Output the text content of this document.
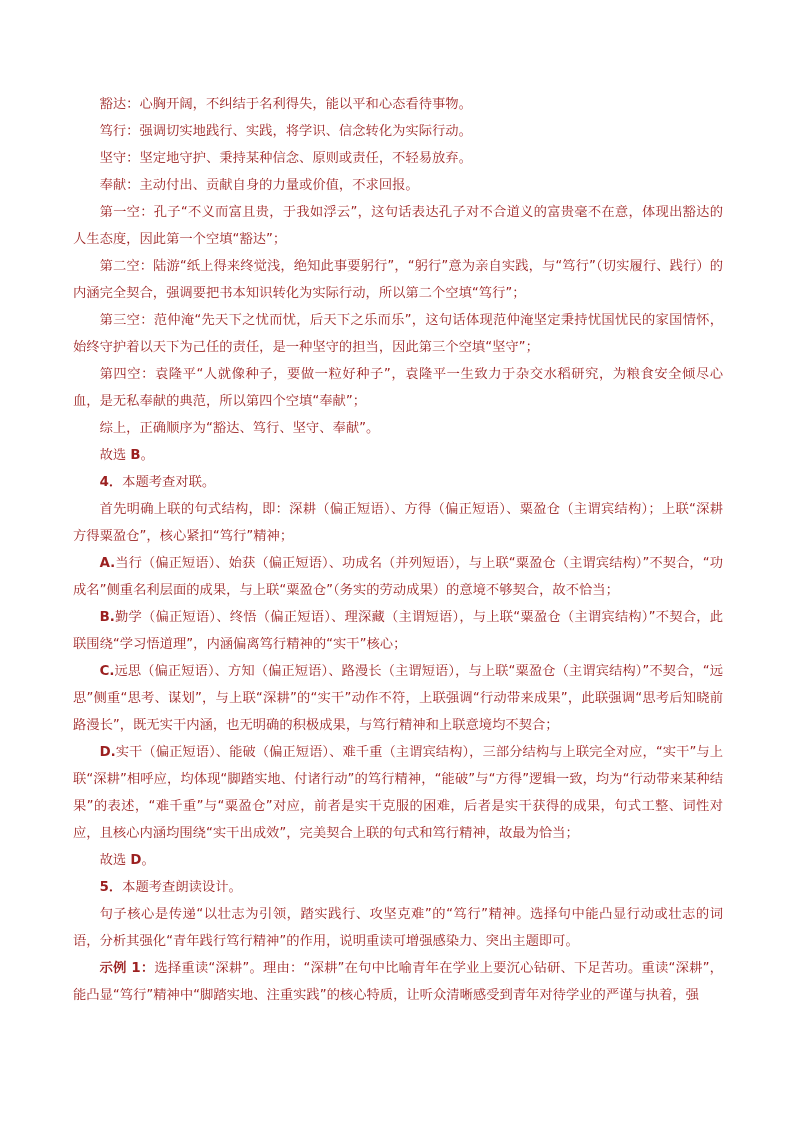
豁达：心胸开阔，不纠结于名利得失，能以平和心态看待事物。

笃行：强调切实地践行、实践，将学识、信念转化为实际行动。

坚守：坚定地守护、秉持某种信念、原则或责任，不轻易放弃。

奉献：主动付出、贡献自身的力量或价值，不求回报。

第一空：孔子“不义而富且贵，于我如浮云”，这句话表达孔子对不合道义的富贵毫不在意，体现出豁达的人生态度，因此第一个空填“豁达”；

第二空：陆游“纸上得来终觉浅，绝知此事要躬行”，“躬行”意为亲自实践，与“笃行”（切实履行、践行）的内涵完全契合，强调要把书本知识转化为实际行动，所以第二个空填“笃行”；

第三空：范仲淹“先天下之忧而忧，后天下之乐而乐”，这句话体现范仲淹坚定秉持忧国忧民的家国情怀，始终守护着以天下为己任的责任，是一种坚守的担当，因此第三个空填“坚守”；

第四空：袁隆平“人就像种子，要做一粒好种子”，袁隆平一生致力于杂交水稻研究，为粮食安全倾尽心血，是无私奉献的典范，所以第四个空填“奉献”；

综上，正确顺序为“豁达、笃行、坚守、奉献”。

故选 B。

4．本题考查对联。

首先明确上联的句式结构，即：深耕（偏正短语）、方得（偏正短语）、粟盈仓（主谓宾结构）；上联“深耕方得粟盈仓”，核心紧扣“笃行”精神；

A.当行（偏正短语）、始获（偏正短语）、功成名（并列短语），与上联“粟盈仓（主谓宾结构）”不契合，“功成名”侧重名利层面的成果，与上联“粟盈仓”（务实的劳动成果）的意境不够契合，故不恰当；

B.勤学（偏正短语）、终悟（偏正短语）、理深藏（主谓短语），与上联“粟盈仓（主谓宾结构）”不契合，此联围绕“学习悟道理”，内涵偏离笃行精神的“实干”核心；

C.远思（偏正短语）、方知（偏正短语）、路漫长（主谓短语），与上联“粟盈仓（主谓宾结构）”不契合，“远思”侧重“思考、谋划”，与上联“深耕”的“实干”动作不符，上联强调“行动带来成果”，此联强调“思考后知晓前路漫长”，既无实干内涵，也无明确的积极成果，与笃行精神和上联意境均不契合；

D.实干（偏正短语）、能破（偏正短语）、难千重（主谓宾结构），三部分结构与上联完全对应，“实干”与上联“深耕”相呼应，均体现“脚踏实地、付诸行动”的笃行精神，“能破”与“方得”逻辑一致，均为“行动带来某种结果”的表述，“难千重”与“粟盈仓”对应，前者是实干克服的困难，后者是实干获得的成果，句式工整、词性对应，且核心内涵均围绕“实干出成效”，完美契合上联的句式和笃行精神，故最为恰当；

故选 D。

5．本题考查朗读设计。

句子核心是传递“以壮志为引领，踏实践行、攻坚克难”的“笃行”精神。选择句中能凸显行动或壮志的词语，分析其强化“青年践行笃行精神”的作用，说明重读可增强感染力、突出主题即可。

示例 1：选择重读“深耕”。理由：“深耕”在句中比喻青年在学业上要沉心钻研、下足苦功。重读“深耕”，能凸显“笃行”精神中“脚踏实地、注重实践”的核心特质，让听众清晰感受到青年对待学业的严谨与执着，强
